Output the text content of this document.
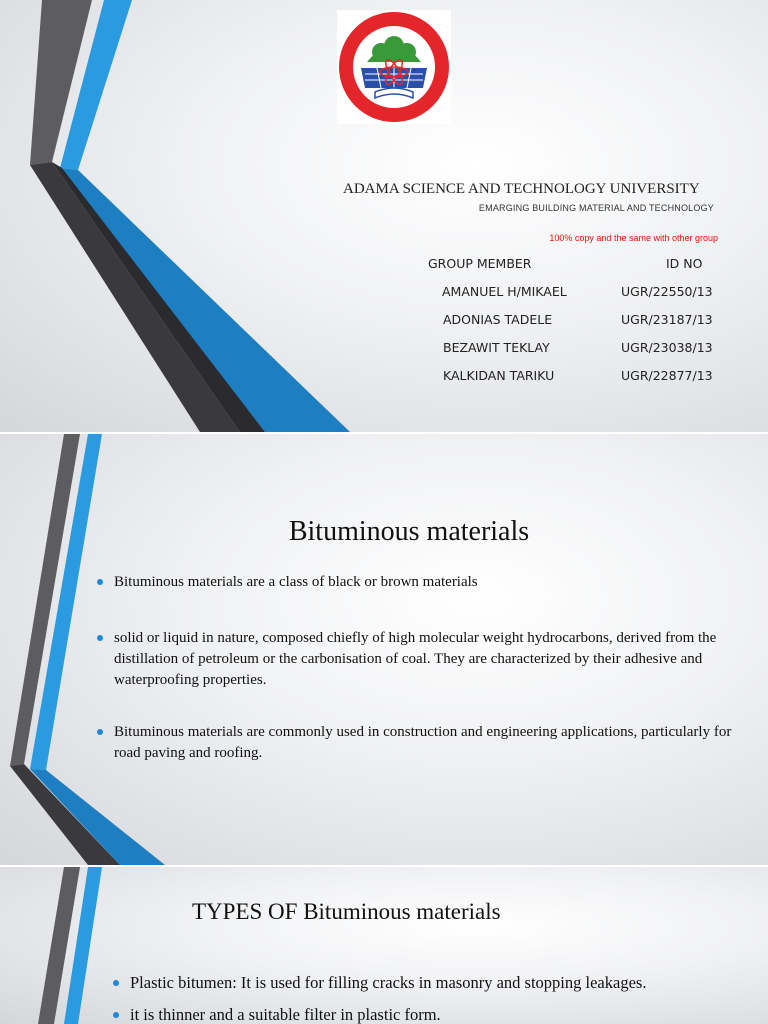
ADAMA SCIENCE AND TECHNOLOGY UNIVERSITY
EMARGING BUILDING MATERIAL AND TECHNOLOGY
100% copy and the same with other group
GROUP MEMBER	ID NO
AMANUEL H/MIKAEL	UGR/22550/13
ADONIAS TADELE	UGR/23187/13
BEZAWIT TEKLAY	UGR/23038/13
KALKIDAN TARIKU	UGR/22877/13
Bituminous materials
Bituminous materials are a class of black or brown materials
solid or liquid in nature, composed chiefly of high molecular weight hydrocarbons, derived from the distillation of petroleum or the carbonisation of coal. They are characterized by their adhesive and waterproofing properties.
Bituminous materials are commonly used in construction and engineering applications, particularly for road paving and roofing.
TYPES OF Bituminous materials
Plastic bitumen: It is used for filling cracks in masonry and stopping leakages.
it is thinner and a suitable filter in plastic form.
